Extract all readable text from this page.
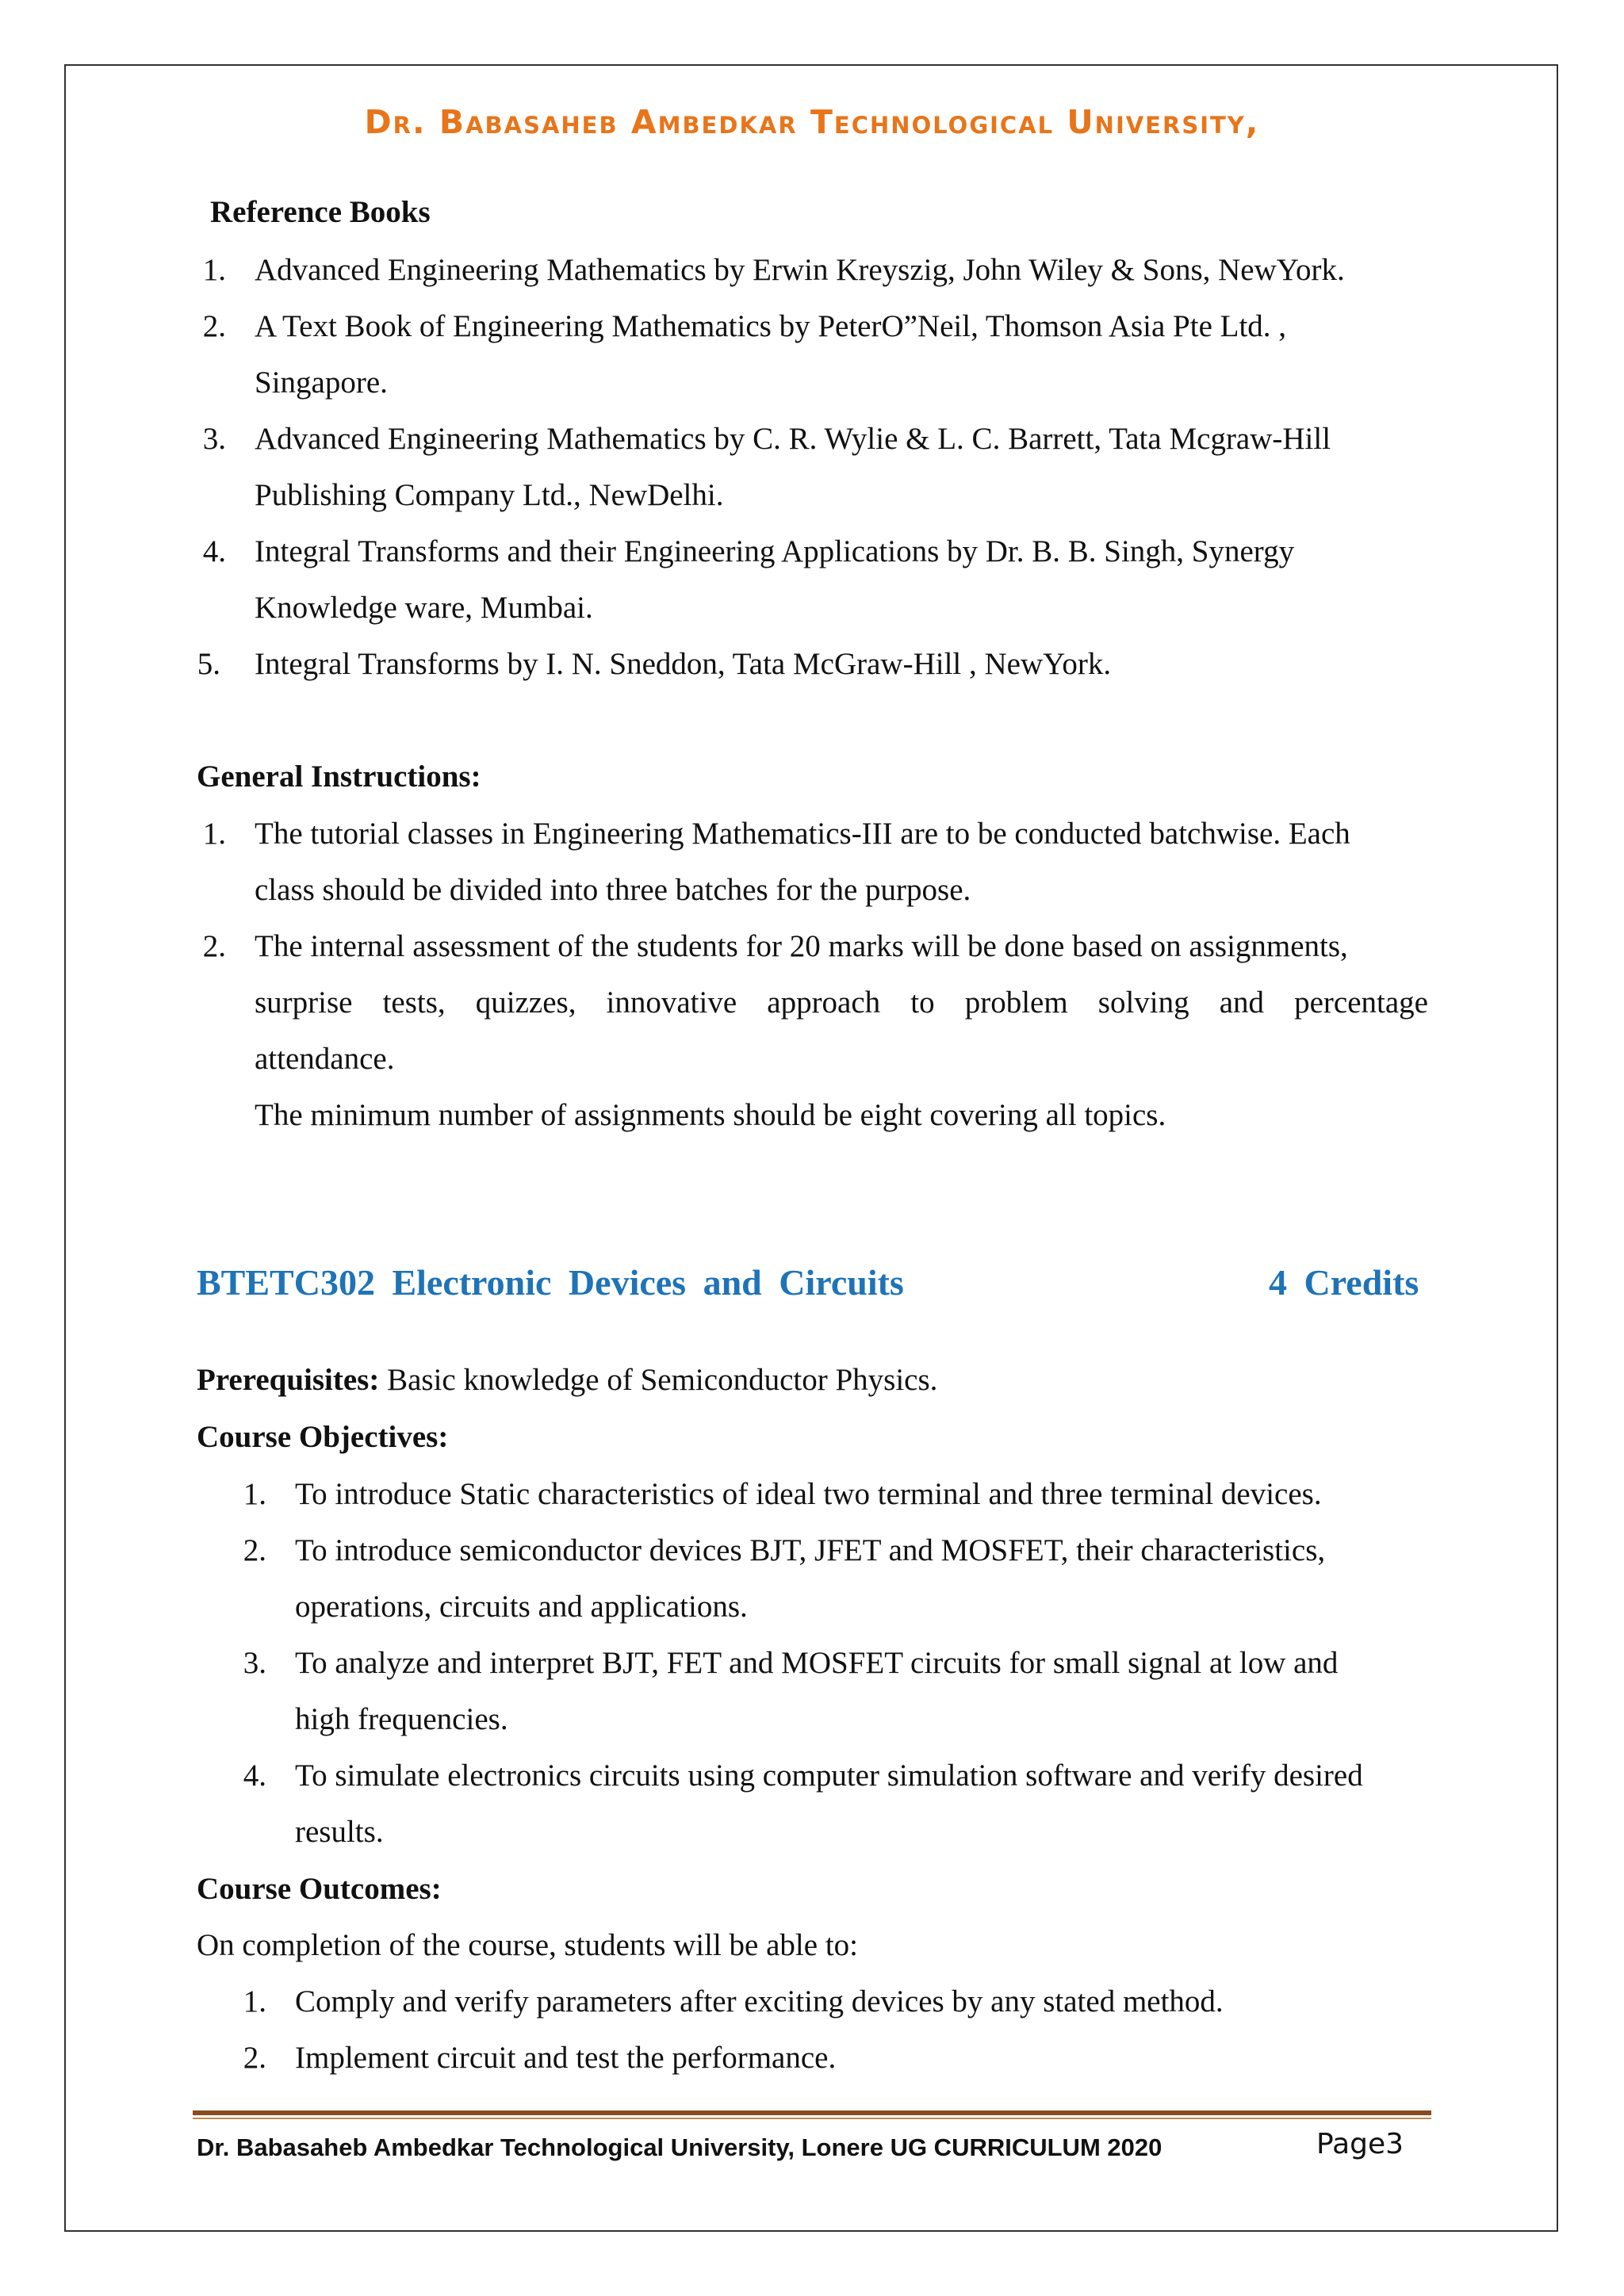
Dr. Babasaheb Ambedkar Technological University,
Reference Books
1. Advanced Engineering Mathematics by Erwin Kreyszig, John Wiley & Sons, NewYork.
2. A Text Book of Engineering Mathematics by PeterO”Neil, Thomson Asia Pte Ltd. ,
Singapore.
3. Advanced Engineering Mathematics by C. R. Wylie & L. C. Barrett, Tata Mcgraw-Hill
Publishing Company Ltd., NewDelhi.
4. Integral Transforms and their Engineering Applications by Dr. B. B. Singh, Synergy
Knowledge ware, Mumbai.
5. Integral Transforms by I. N. Sneddon, Tata McGraw-Hill , NewYork.
General Instructions:
1. The tutorial classes in Engineering Mathematics-III are to be conducted batchwise. Each
class should be divided into three batches for the purpose.
2. The internal assessment of the students for 20 marks will be done based on assignments,
surprise tests, quizzes, innovative approach to problem solving and percentage
attendance.
The minimum number of assignments should be eight covering all topics.
BTETC302 Electronic Devices and Circuits	4 Credits
Prerequisites: Basic knowledge of Semiconductor Physics.
Course Objectives:
1. To introduce Static characteristics of ideal two terminal and three terminal devices.
2. To introduce semiconductor devices BJT, JFET and MOSFET, their characteristics,
operations, circuits and applications.
3. To analyze and interpret BJT, FET and MOSFET circuits for small signal at low and
high frequencies.
4. To simulate electronics circuits using computer simulation software and verify desired
results.
Course Outcomes:
On completion of the course, students will be able to:
1. Comply and verify parameters after exciting devices by any stated method.
2. Implement circuit and test the performance.
Dr. Babasaheb Ambedkar Technological University, Lonere UG CURRICULUM 2020	Page3
